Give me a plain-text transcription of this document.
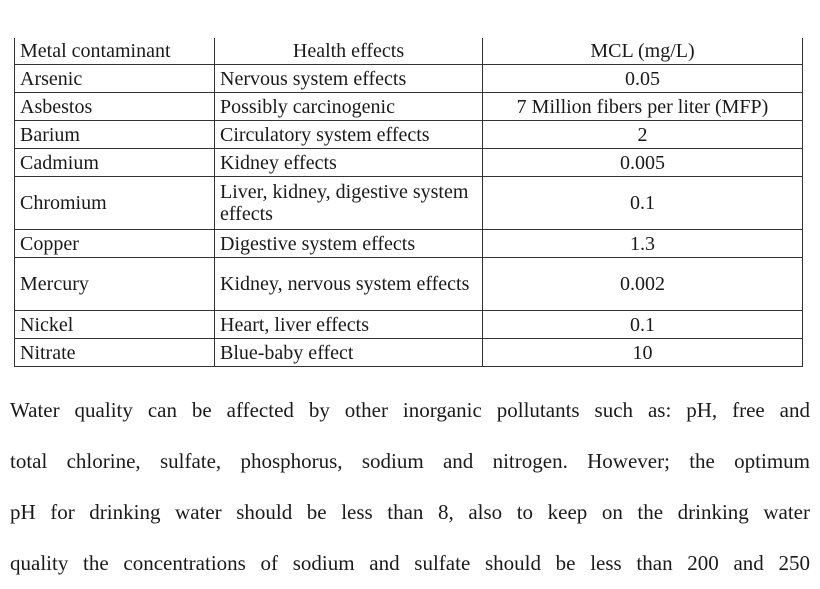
Metal contaminant	Health effects	MCL (mg/L)
Arsenic	Nervous system effects	0.05
Asbestos	Possibly carcinogenic	7 Million fibers per liter (MFP)
Barium	Circulatory system effects	2
Cadmium	Kidney effects	0.005
Chromium	Liver, kidney, digestive system effects	0.1
Copper	Digestive system effects	1.3
Mercury	Kidney, nervous system effects	0.002
Nickel	Heart, liver effects	0.1
Nitrate	Blue-baby effect	10
Water quality can be affected by other inorganic pollutants such as: pH, free and
total chlorine, sulfate, phosphorus, sodium and nitrogen. However; the optimum
pH for drinking water should be less than 8, also to keep on the drinking water
quality the concentrations of sodium and sulfate should be less than 200 and 250
